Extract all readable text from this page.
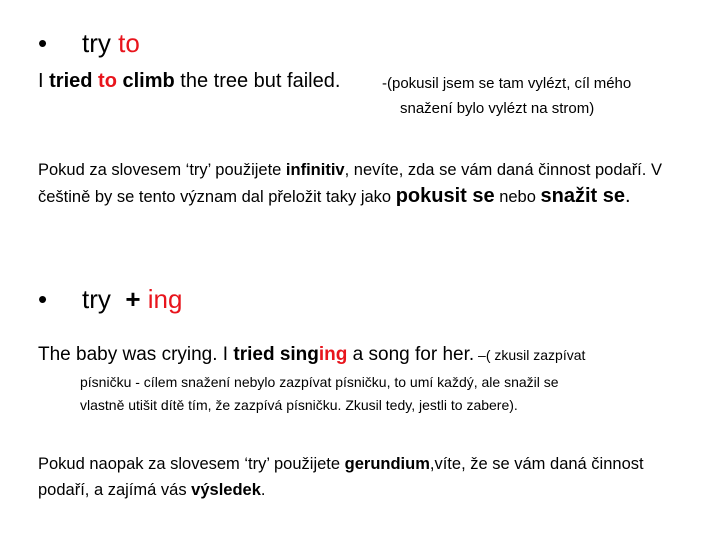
• try to

I tried to climb the tree but failed.	-(pokusil jsem se tam vylézt, cíl mého

snažení bylo vylézt na strom)

Pokud za slovesem ‘try’ použijete infinitiv, nevíte, zda se vám daná činnost podaří. V češtině by se tento význam dal přeložit taky jako pokusit se nebo snažit se.

• try + ing

The baby was crying. I tried singing a song for her. –( zkusil zazpívat

písničku - cílem snažení nebylo zazpívat písničku, to umí každý, ale snažil se

vlastně utišit dítě tím, že zazpívá písničku. Zkusil tedy, jestli to zabere).

Pokud naopak za slovesem ‘try’ použijete gerundium,víte, že se vám daná činnost podaří, a zajímá vás výsledek.
